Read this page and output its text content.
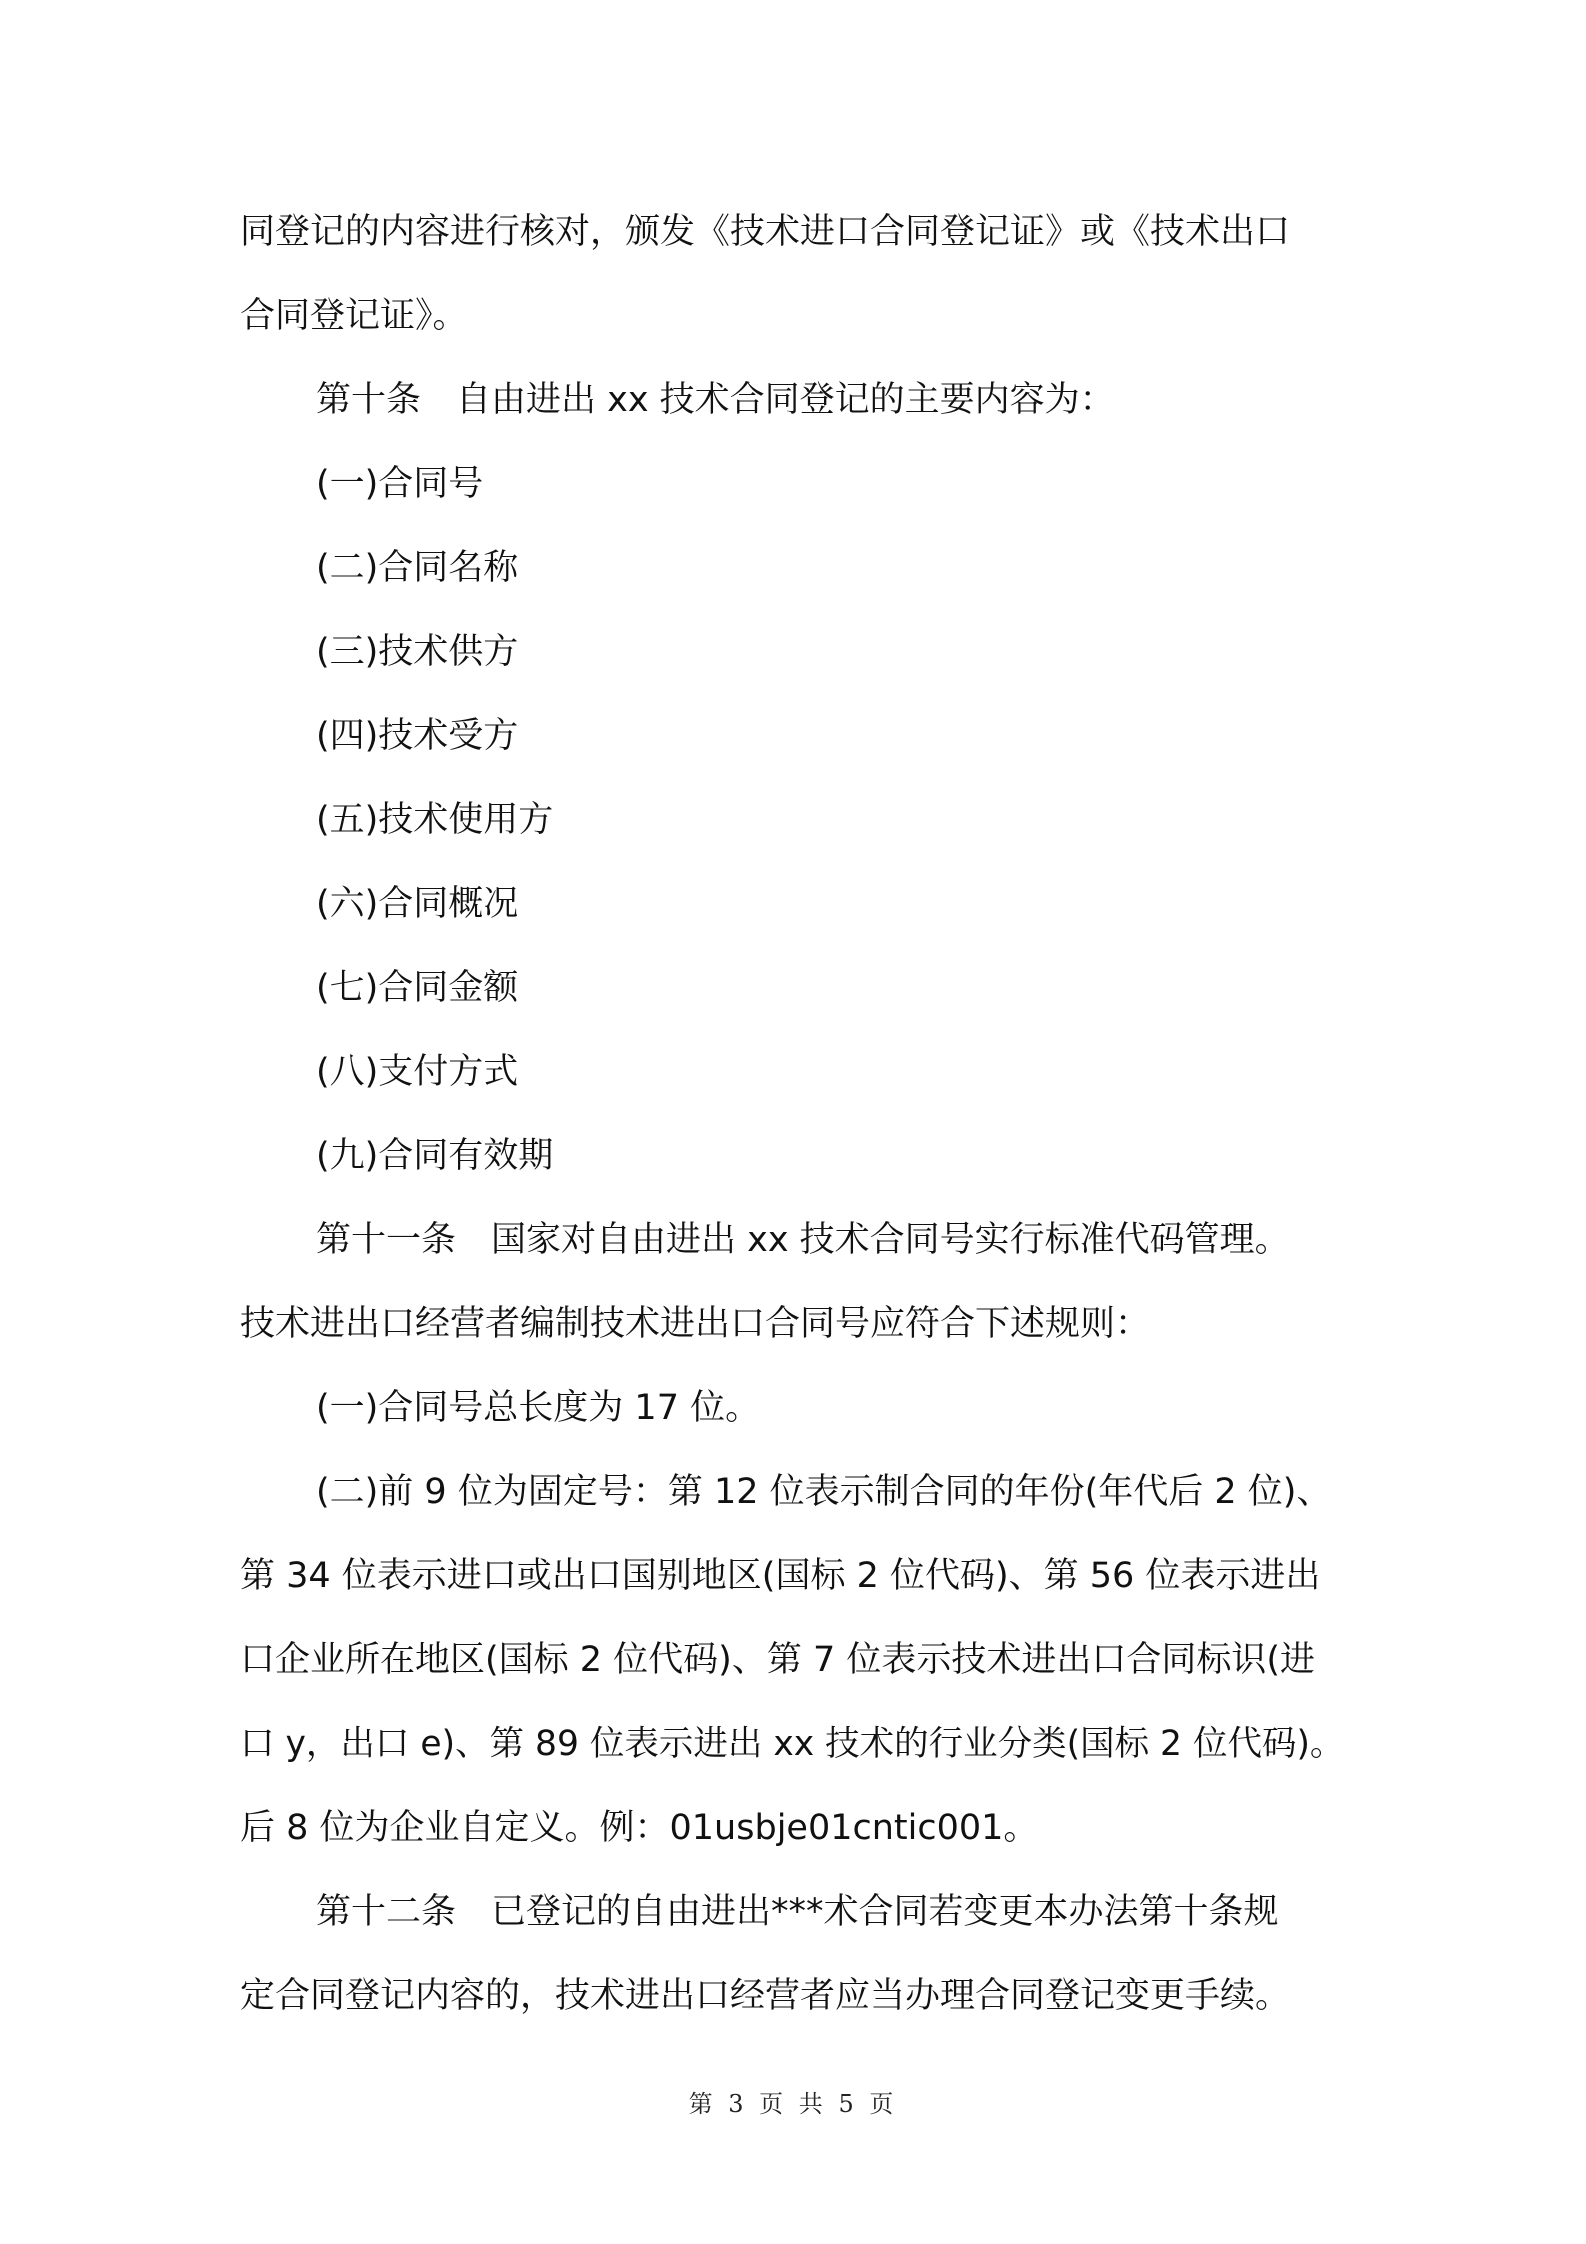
同登记的内容进行核对，颁发《技术进口合同登记证》或《技术出口
合同登记证》。
第十条　自由进出 xx 技术合同登记的主要内容为：
(一)合同号
(二)合同名称
(三)技术供方
(四)技术受方
(五)技术使用方
(六)合同概况
(七)合同金额
(八)支付方式
(九)合同有效期
第十一条　国家对自由进出 xx 技术合同号实行标准代码管理。
技术进出口经营者编制技术进出口合同号应符合下述规则：
(一)合同号总长度为 17 位。
(二)前 9 位为固定号：第 12 位表示制合同的年份(年代后 2 位)、
第 34 位表示进口或出口国别地区(国标 2 位代码)、第 56 位表示进出
口企业所在地区(国标 2 位代码)、第 7 位表示技术进出口合同标识(进
口 y，出口 e)、第 89 位表示进出 xx 技术的行业分类(国标 2 位代码)。
后 8 位为企业自定义。例：01usbje01cntic001。
第十二条　已登记的自由进出***术合同若变更本办法第十条规
定合同登记内容的，技术进出口经营者应当办理合同登记变更手续。
第 3 页 共 5 页
